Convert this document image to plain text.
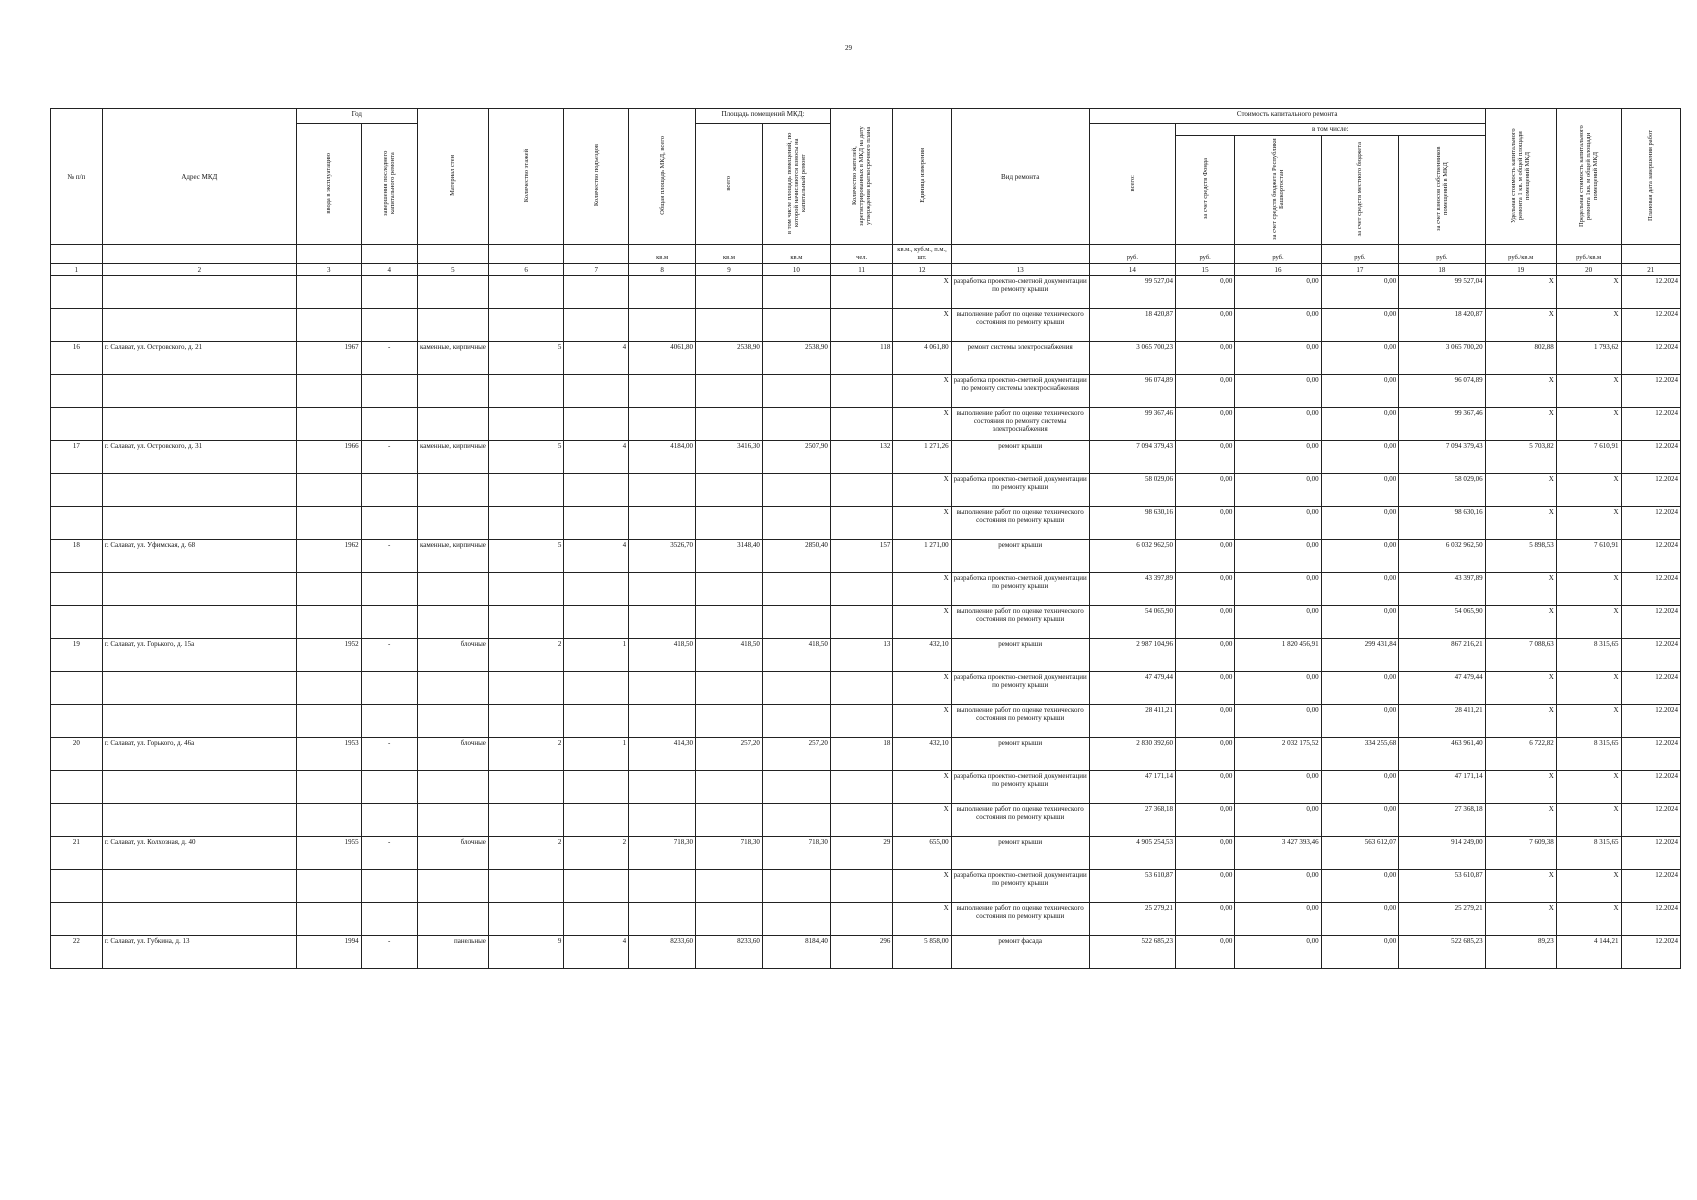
29
№ п/п	Адрес МКД	Год		Материал стен	Количество этажей	Количество подъездов	Общая площадь МКД, всего	Площадь помещений МКД:		Количество жителей, зарегистрированных в МКД на дату утверждения краткосрочного плана	Единица измерения	Вид ремонта	Стоимость капитального ремонта					Удельная стоимость капитального ремонта 1 кв. м общей площади помещений МКД	Предельная стоимость капитального ремонта 1кв. м общей площади помещений МКД	Плановая дата завершения работ
		ввода в эксплуатацию	завершения последнего капитального ремонта					всего	в том числе площадь помещений, по которой начисляются взносы на капитальный ремонт				всего:	в том числе:						
														за счет средств Фонда	за счет средств бюджета Республики Башкортостан	за счет средств местного бюджета	за счет взносов собственников помещений в МКД			
							кв.м	кв.м	кв.м	чел.	кв.м., куб.м., п.м., шт.		руб.	руб.	руб.	руб.	руб.	руб./кв.м	руб./кв.м	
1	2	3	4	5	6	7	8	9	10	11	12	13	14	15	16	17	18	19	20	21
											X	разработка проектно-сметной документации по ремонту крыши	99 527,04	0,00	0,00	0,00	99 527,04	X	X	12.2024
											X	выполнение работ по оценке технического состояния по ремонту крыши	18 420,87	0,00	0,00	0,00	18 420,87	X	X	12.2024
16	г. Салават, ул. Островского, д. 21	1967	-	каменные, кирпичные	5	4	4061,80	2538,90	2538,90	118	4 061,80	ремонт системы электроснабжения	3 065 700,23	0,00	0,00	0,00	3 065 700,20	802,88	1 793,62	12.2024
											X	разработка проектно-сметной документации по ремонту системы электроснабжения	96 074,89	0,00	0,00	0,00	96 074,89	X	X	12.2024
											X	выполнение работ по оценке технического состояния по ремонту системы электроснабжения	99 367,46	0,00	0,00	0,00	99 367,46	X	X	12.2024
17	г. Салават, ул. Островского, д. 31	1966	-	каменные, кирпичные	5	4	4184,00	3416,30	2507,90	132	1 271,26	ремонт крыши	7 094 379,43	0,00	0,00	0,00	7 094 379,43	5 703,82	7 610,91	12.2024
											X	разработка проектно-сметной документации по ремонту крыши	58 029,06	0,00	0,00	0,00	58 029,06	X	X	12.2024
											X	выполнение работ по оценке технического состояния по ремонту крыши	98 630,16	0,00	0,00	0,00	98 630,16	X	X	12.2024
18	г. Салават, ул. Уфимская, д. 68	1962	-	каменные, кирпичные	5	4	3526,70	3148,40	2850,40	157	1 271,00	ремонт крыши	6 032 962,50	0,00	0,00	0,00	6 032 962,50	5 898,53	7 610,91	12.2024
											X	разработка проектно-сметной документации по ремонту крыши	43 397,89	0,00	0,00	0,00	43 397,89	X	X	12.2024
											X	выполнение работ по оценке технического состояния по ремонту крыши	54 065,90	0,00	0,00	0,00	54 065,90	X	X	12.2024
19	г. Салават, ул. Горького, д. 15а	1952	-	блочные	2	1	418,50	418,50	418,50	13	432,10	ремонт крыши	2 987 104,96	0,00	1 820 456,91	299 431,84	867 216,21	7 088,63	8 315,65	12.2024
											X	разработка проектно-сметной документации по ремонту крыши	47 479,44	0,00	0,00	0,00	47 479,44	X	X	12.2024
											X	выполнение работ по оценке технического состояния по ремонту крыши	28 411,21	0,00	0,00	0,00	28 411,21	X	X	12.2024
20	г. Салават, ул. Горького, д. 46а	1953	-	блочные	2	1	414,30	257,20	257,20	18	432,10	ремонт крыши	2 830 392,60	0,00	2 032 175,52	334 255,68	463 961,40	6 722,82	8 315,65	12.2024
											X	разработка проектно-сметной документации по ремонту крыши	47 171,14	0,00	0,00	0,00	47 171,14	X	X	12.2024
											X	выполнение работ по оценке технического состояния по ремонту крыши	27 368,18	0,00	0,00	0,00	27 368,18	X	X	12.2024
21	г. Салават, ул. Колхозная, д. 40	1955	-	блочные	2	2	718,30	718,30	718,30	29	655,00	ремонт крыши	4 905 254,53	0,00	3 427 393,46	563 612,07	914 249,00	7 609,38	8 315,65	12.2024
											X	разработка проектно-сметной документации по ремонту крыши	53 610,87	0,00	0,00	0,00	53 610,87	X	X	12.2024
											X	выполнение работ по оценке технического состояния по ремонту крыши	25 279,21	0,00	0,00	0,00	25 279,21	X	X	12.2024
22	г. Салават, ул. Губкина, д. 13	1994	-	панельные	9	4	8233,60	8233,60	8184,40	296	5 858,00	ремонт фасада	522 685,23	0,00	0,00	0,00	522 685,23	89,23	4 144,21	12.2024
